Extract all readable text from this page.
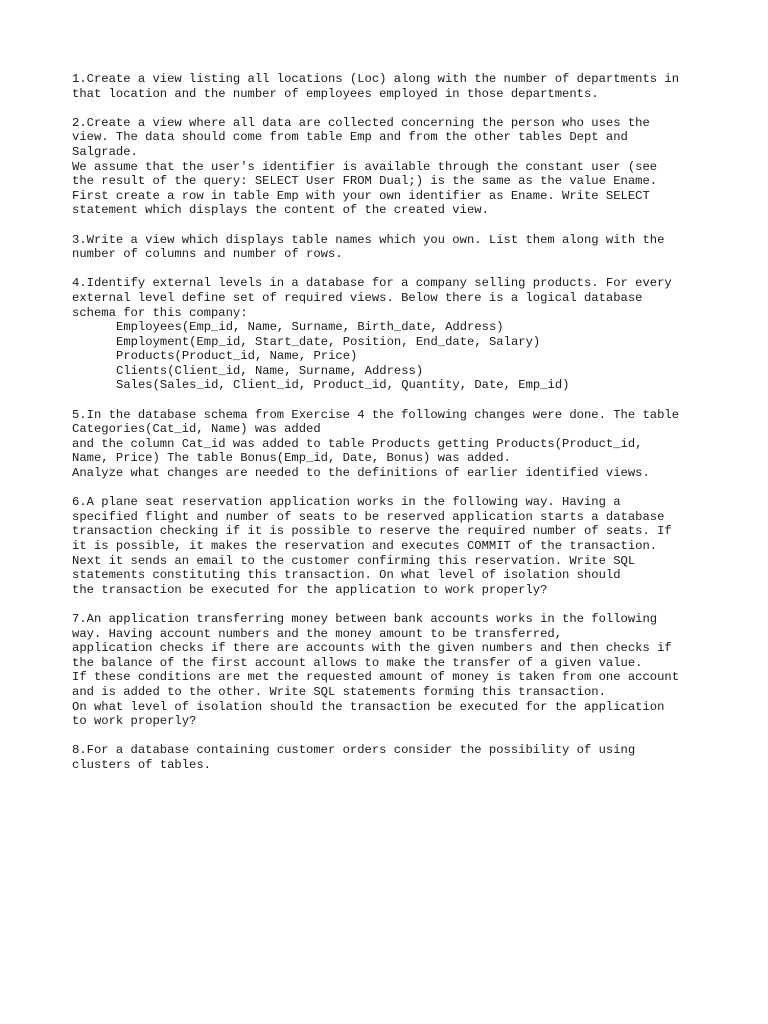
1.Create a view listing all locations (Loc) along with the number of departments in
that location and the number of employees employed in those departments.
2.Create a view where all data are collected concerning the person who uses the
view. The data should come from table Emp and from the other tables Dept and
Salgrade.
We assume that the user's identifier is available through the constant user (see
the result of the query: SELECT User FROM Dual;) is the same as the value Ename.
First create a row in table Emp with your own identifier as Ename. Write SELECT
statement which displays the content of the created view.
3.Write a view which displays table names which you own. List them along with the
number of columns and number of rows.
4.Identify external levels in a database for a company selling products. For every
external level define set of required views. Below there is a logical database
schema for this company:
Employees(Emp_id, Name, Surname, Birth_date, Address)
Employment(Emp_id, Start_date, Position, End_date, Salary)
Products(Product_id, Name, Price)
Clients(Client_id, Name, Surname, Address)
Sales(Sales_id, Client_id, Product_id, Quantity, Date, Emp_id)
5.In the database schema from Exercise 4 the following changes were done. The table
Categories(Cat_id, Name) was added
and the column Cat_id was added to table Products getting Products(Product_id,
Name, Price) The table Bonus(Emp_id, Date, Bonus) was added.
Analyze what changes are needed to the definitions of earlier identified views.
6.A plane seat reservation application works in the following way. Having a
specified flight and number of seats to be reserved application starts a database
transaction checking if it is possible to reserve the required number of seats. If
it is possible, it makes the reservation and executes COMMIT of the transaction.
Next it sends an email to the customer confirming this reservation. Write SQL
statements constituting this transaction. On what level of isolation should
the transaction be executed for the application to work properly?
7.An application transferring money between bank accounts works in the following
way. Having account numbers and the money amount to be transferred,
application checks if there are accounts with the given numbers and then checks if
the balance of the first account allows to make the transfer of a given value.
If these conditions are met the requested amount of money is taken from one account
and is added to the other. Write SQL statements forming this transaction.
On what level of isolation should the transaction be executed for the application
to work properly?
8.For a database containing customer orders consider the possibility of using
clusters of tables.
